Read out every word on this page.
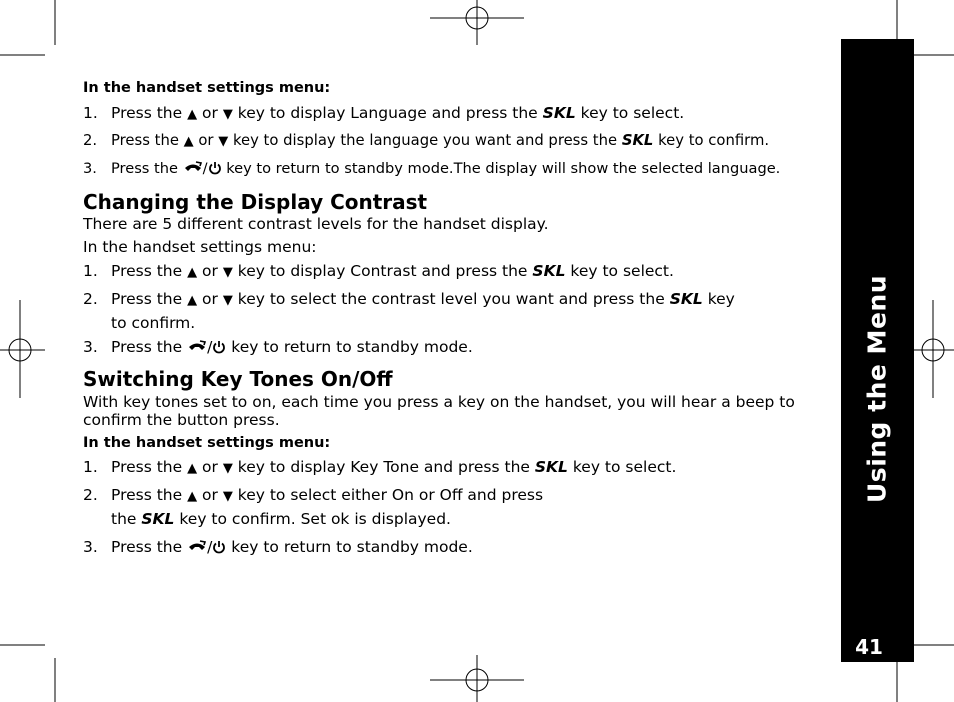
Using the Menu
41
In the handset settings menu:
1. Press the ▲ or ▼ key to display Language and press the SKL key to select.
2. Press the ▲ or ▼ key to display the language you want and press the SKL key to confirm.
3. Press the / key to return to standby mode.The display will show the selected language.
Changing the Display Contrast
There are 5 different contrast levels for the handset display.
In the handset settings menu:
1. Press the ▲ or ▼ key to display Contrast and press the SKL key to select.
2. Press the ▲ or ▼ key to select the contrast level you want and press the SKL key
to confirm.
3. Press the / key to return to standby mode.
Switching Key Tones On/Off
With key tones set to on, each time you press a key on the handset, you will hear a beep to confirm the button press.
In the handset settings menu:
1. Press the ▲ or ▼ key to display Key Tone and press the SKL key to select.
2. Press the ▲ or ▼ key to select either On or Off and press
the SKL key to confirm. Set ok is displayed.
3. Press the / key to return to standby mode.
